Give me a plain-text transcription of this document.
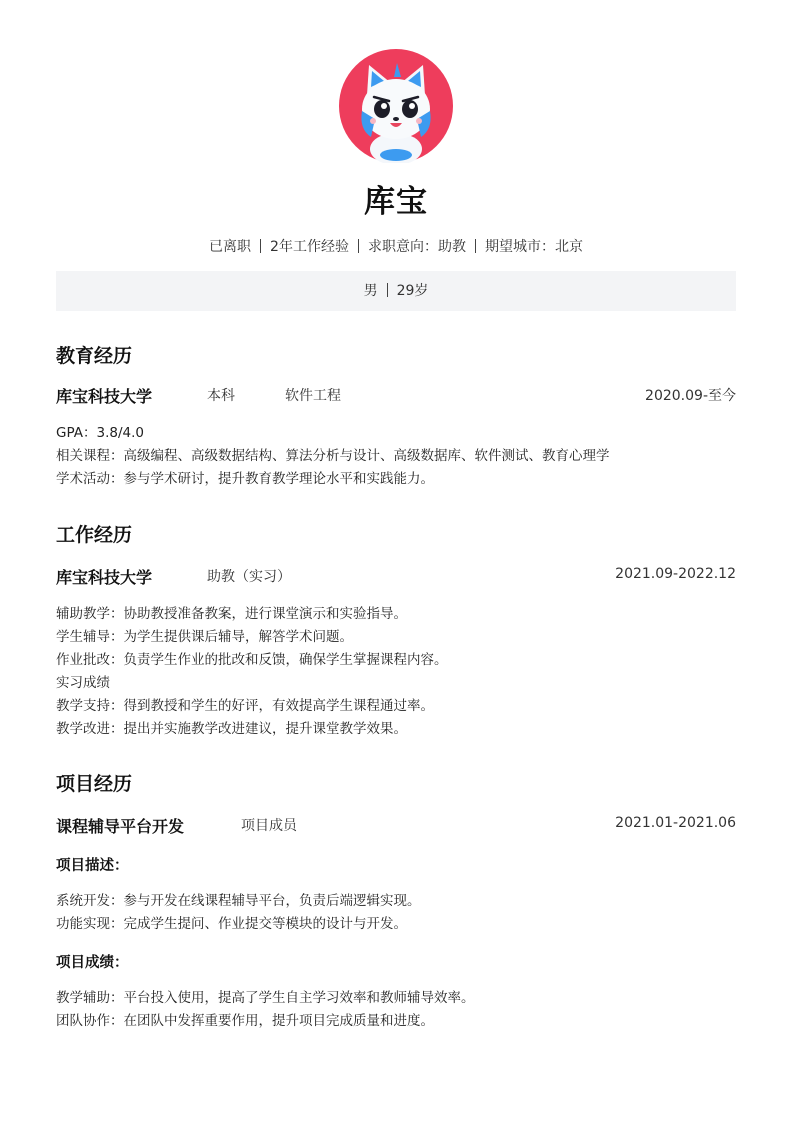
库宝
已离职 2年工作经验 求职意向：助教 期望城市：北京
男 29岁
教育经历
库宝科技大学	本科	软件工程	2020.09-至今
GPA：3.8/4.0
相关课程：高级编程、高级数据结构、算法分析与设计、高级数据库、软件测试、教育心理学
学术活动：参与学术研讨，提升教育教学理论水平和实践能力。
工作经历
库宝科技大学	助教（实习）	2021.09-2022.12
辅助教学：协助教授准备教案，进行课堂演示和实验指导。
学生辅导：为学生提供课后辅导，解答学术问题。
作业批改：负责学生作业的批改和反馈，确保学生掌握课程内容。
实习成绩
教学支持：得到教授和学生的好评，有效提高学生课程通过率。
教学改进：提出并实施教学改进建议，提升课堂教学效果。
项目经历
课程辅导平台开发	项目成员	2021.01-2021.06
项目描述：
系统开发：参与开发在线课程辅导平台，负责后端逻辑实现。
功能实现：完成学生提问、作业提交等模块的设计与开发。
项目成绩：
教学辅助：平台投入使用，提高了学生自主学习效率和教师辅导效率。
团队协作：在团队中发挥重要作用，提升项目完成质量和进度。
